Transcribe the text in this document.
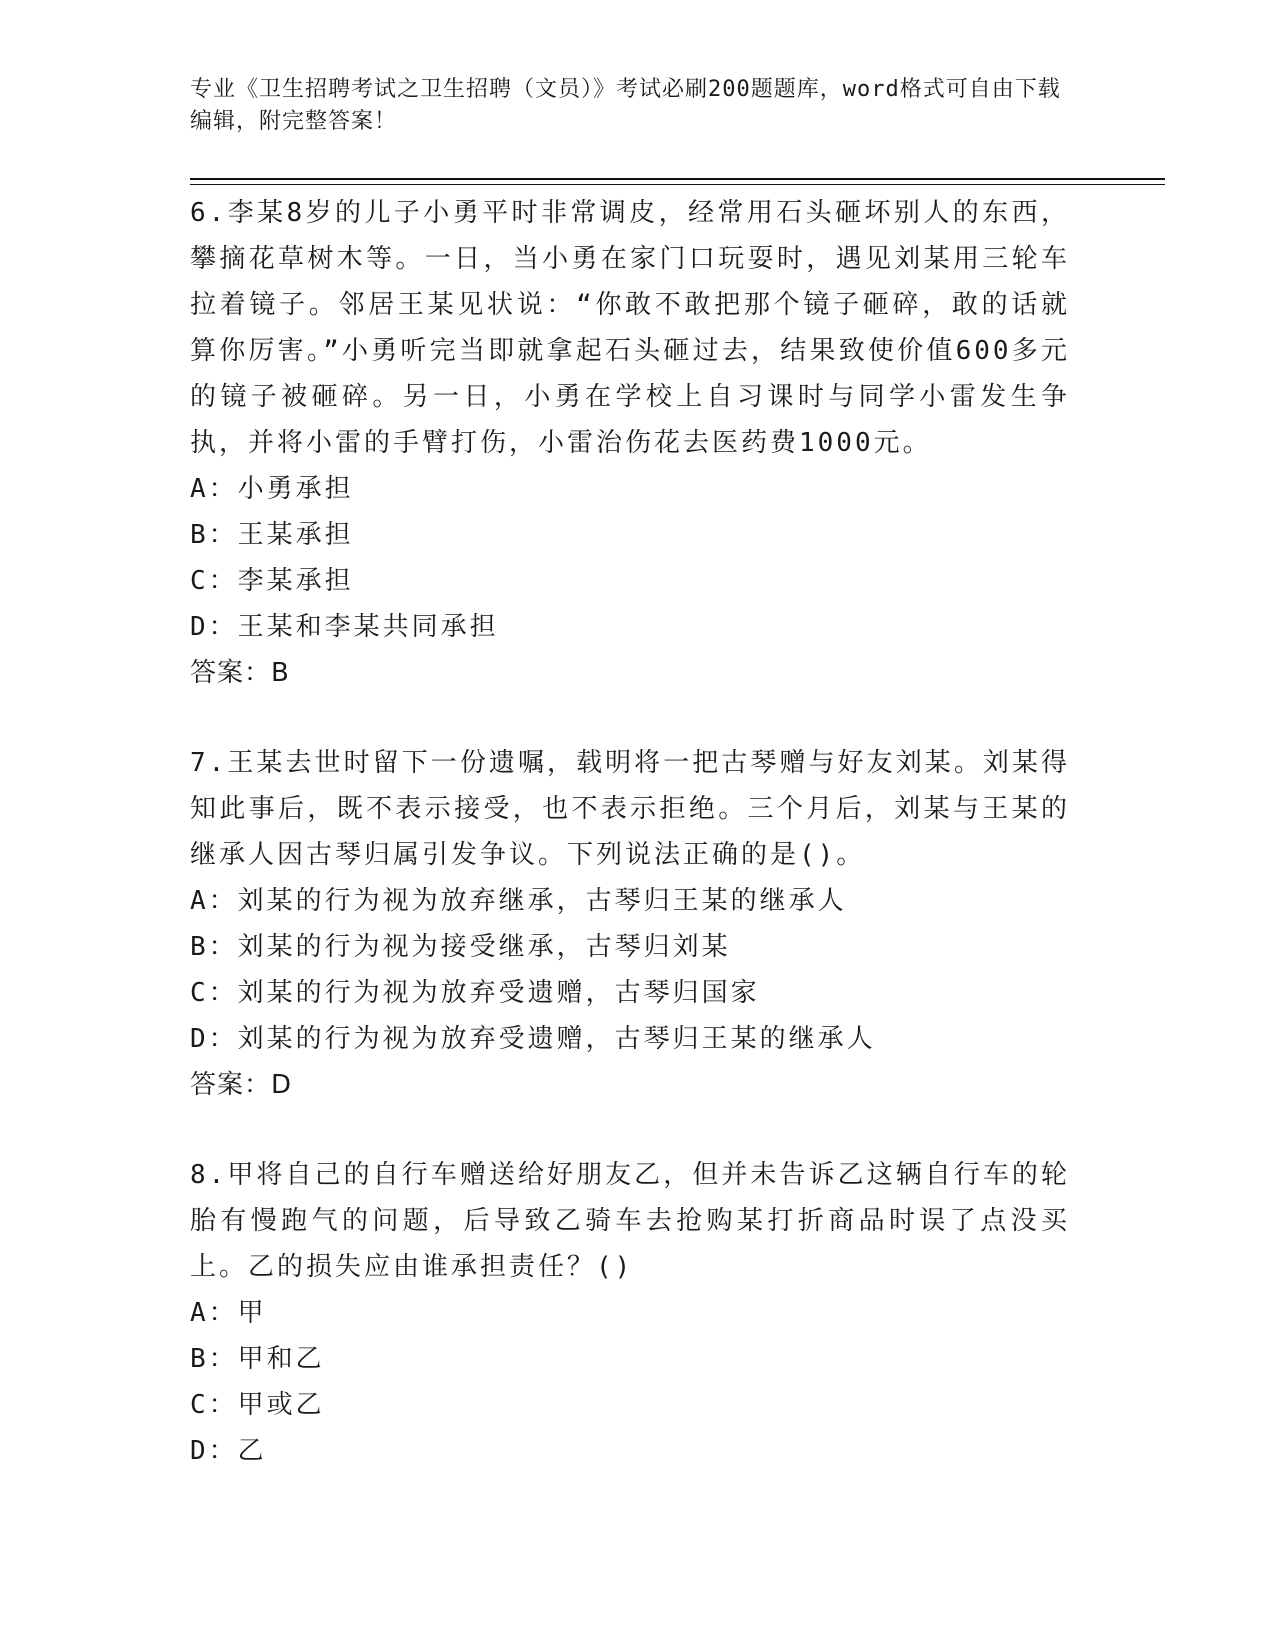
专业《卫生招聘考试之卫生招聘（文员）》考试必刷200题题库，word格式可自由下载编辑，附完整答案！
6.李某8岁的儿子小勇平时非常调皮，经常用石头砸坏别人的东西，攀摘花草树木等。一日，当小勇在家门口玩耍时，遇见刘某用三轮车拉着镜子。邻居王某见状说：“你敢不敢把那个镜子砸碎，敢的话就算你厉害。”小勇听完当即就拿起石头砸过去，结果致使价值600多元的镜子被砸碎。另一日，小勇在学校上自习课时与同学小雷发生争执，并将小雷的手臂打伤，小雷治伤花去医药费1000元。
A：小勇承担
B：王某承担
C：李某承担
D：王某和李某共同承担
答案：B
7.王某去世时留下一份遗嘱，载明将一把古琴赠与好友刘某。刘某得知此事后，既不表示接受，也不表示拒绝。三个月后，刘某与王某的继承人因古琴归属引发争议。下列说法正确的是()。
A：刘某的行为视为放弃继承，古琴归王某的继承人
B：刘某的行为视为接受继承，古琴归刘某
C：刘某的行为视为放弃受遗赠，古琴归国家
D：刘某的行为视为放弃受遗赠，古琴归王某的继承人
答案：D
8.甲将自己的自行车赠送给好朋友乙，但并未告诉乙这辆自行车的轮胎有慢跑气的问题，后导致乙骑车去抢购某打折商品时误了点没买上。乙的损失应由谁承担责任？()
A：甲
B：甲和乙
C：甲或乙
D：乙
